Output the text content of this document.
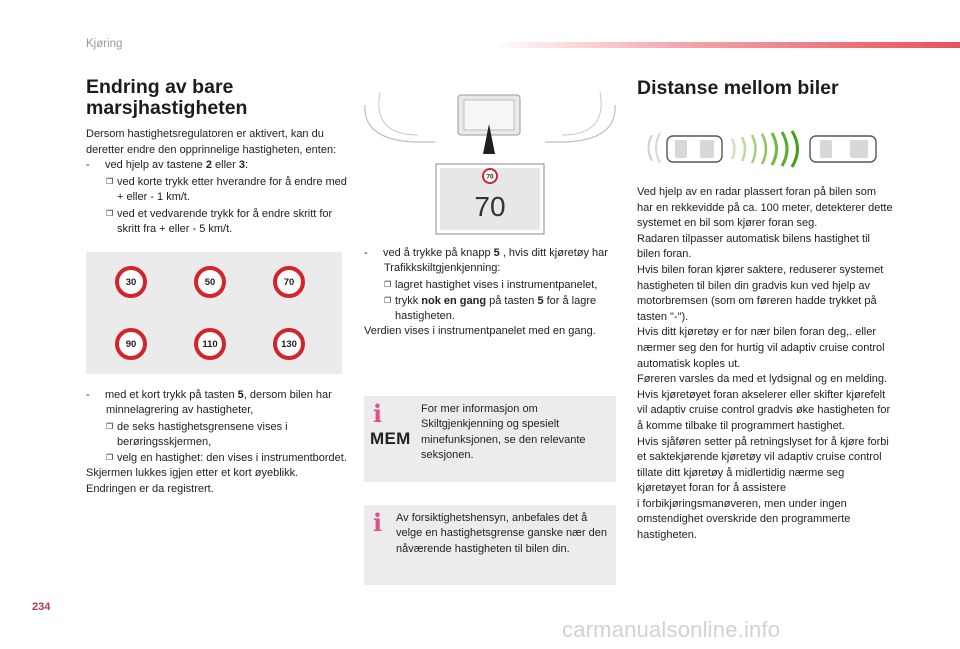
Kjøring
Endring av bare
marsjhastigheten
Dersom hastighetsregulatoren er aktivert, kan du deretter endre den opprinnelige hastigheten, enten:
-     ved hjelp av tastene 2 eller 3:
❐ ved korte trykk etter hverandre for å endre med + eller - 1 km/t.
❐ ved et vedvarende trykk for å endre skritt for skritt fra + eller - 5 km/t.
30	50	70
90	110	130
-     med et kort trykk på tasten 5, dersom bilen har minnelagrering av hastigheter,
❐ de seks hastighetsgrensene vises i berøringsskjermen,
❐ velg en hastighet: den vises i instrumentbordet.
Skjermen lukkes igjen etter et kort øyeblikk. Endringen er da registrert.
70
70
-     ved å trykke på knapp 5 , hvis ditt kjøretøy har Trafikkskiltgjenkjenning:
❐ lagret hastighet vises i instrumentpanelet,
❐ trykk nok en gang på tasten 5 for å lagre hastigheten.
Verdien vises i instrumentpanelet med en gang.
i
MEM
For mer informasjon om Skiltgjenkjenning og spesielt minefunksjonen, se den relevante seksjonen.
i Av forsiktighetshensyn, anbefales det å velge en hastighetsgrense ganske nær den nåværende hastigheten til bilen din.
Distanse mellom biler
Ved hjelp av en radar plassert foran på bilen som har en rekkevidde på ca. 100 meter, detekterer dette systemet en bil som kjører foran seg.
Radaren tilpasser automatisk bilens hastighet til bilen foran.
Hvis bilen foran kjører saktere, reduserer systemet hastigheten til bilen din gradvis kun ved hjelp av motorbremsen (som om føreren hadde trykket på tasten "-").
Hvis ditt kjøretøy er for nær bilen foran deg,. eller nærmer seg den for hurtig vil adaptiv cruise control automatisk koples ut.
Føreren varsles da med et lydsignal og en melding.
Hvis kjøretøyet foran akselerer eller skifter kjørefelt vil adaptiv cruise control gradvis øke hastigheten for å komme tilbake til programmert hastighet.
Hvis sjåføren setter på retningslyset for å kjøre forbi et saktekjørende kjøretøy vil adaptiv cruise control tillate ditt kjøretøy å midlertidig nærme seg kjøretøyet foran for å assistere
i forbikjøringsmanøveren, men under ingen omstendighet overskride den programmerte hastigheten.
234
carmanualsonline.info
